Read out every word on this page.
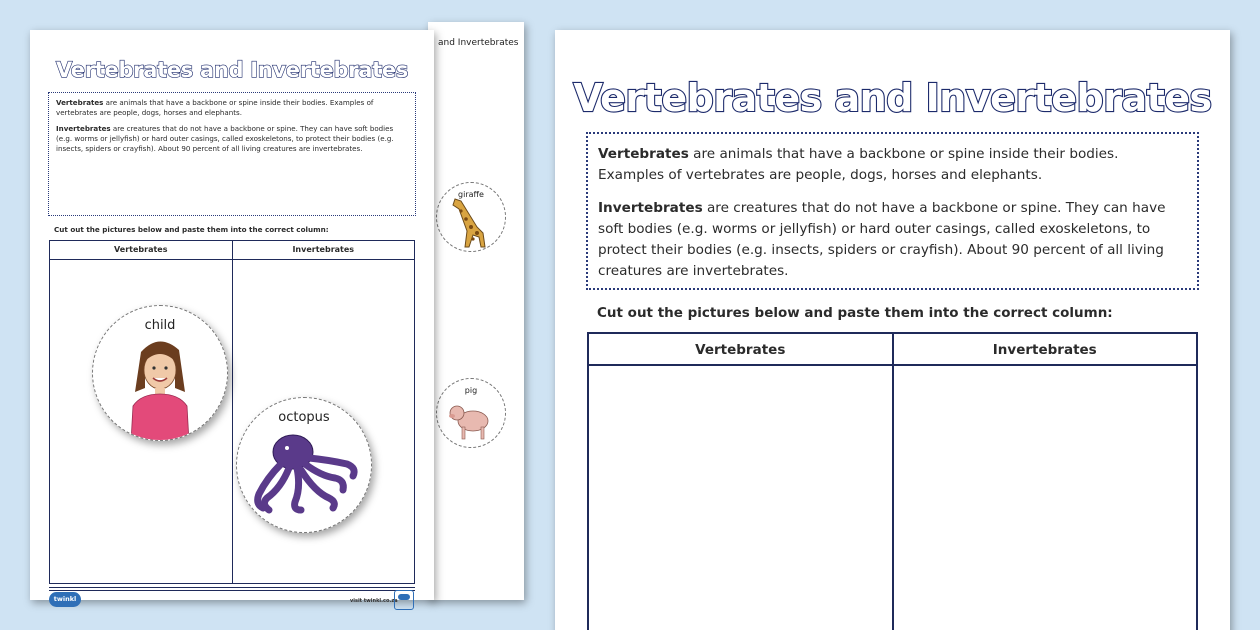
and Invertebrates
giraffe
pig
Vertebrates and Invertebrates

Vertebrates are animals that have a backbone or spine inside their bodies. Examples of vertebrates are people, dogs, horses and elephants.

Invertebrates are creatures that do not have a backbone or spine. They can have soft bodies (e.g. worms or jellyfish) or hard outer casings, called exoskeletons, to protect their bodies (e.g. insects, spiders or crayfish). About 90 percent of all living creatures are invertebrates.

Cut out the pictures below and paste them into the correct column:
Vertebrates	Invertebrates
twinkl	visit twinkl.co.za
child
octopus
Vertebrates and Invertebrates

Vertebrates are animals that have a backbone or spine inside their bodies. Examples of vertebrates are people, dogs, horses and elephants.

Invertebrates are creatures that do not have a backbone or spine. They can have soft bodies (e.g. worms or jellyfish) or hard outer casings, called exoskeletons, to protect their bodies (e.g. insects, spiders or crayfish). About 90 percent of all living creatures are invertebrates.

Cut out the pictures below and paste them into the correct column:
Vertebrates	Invertebrates
